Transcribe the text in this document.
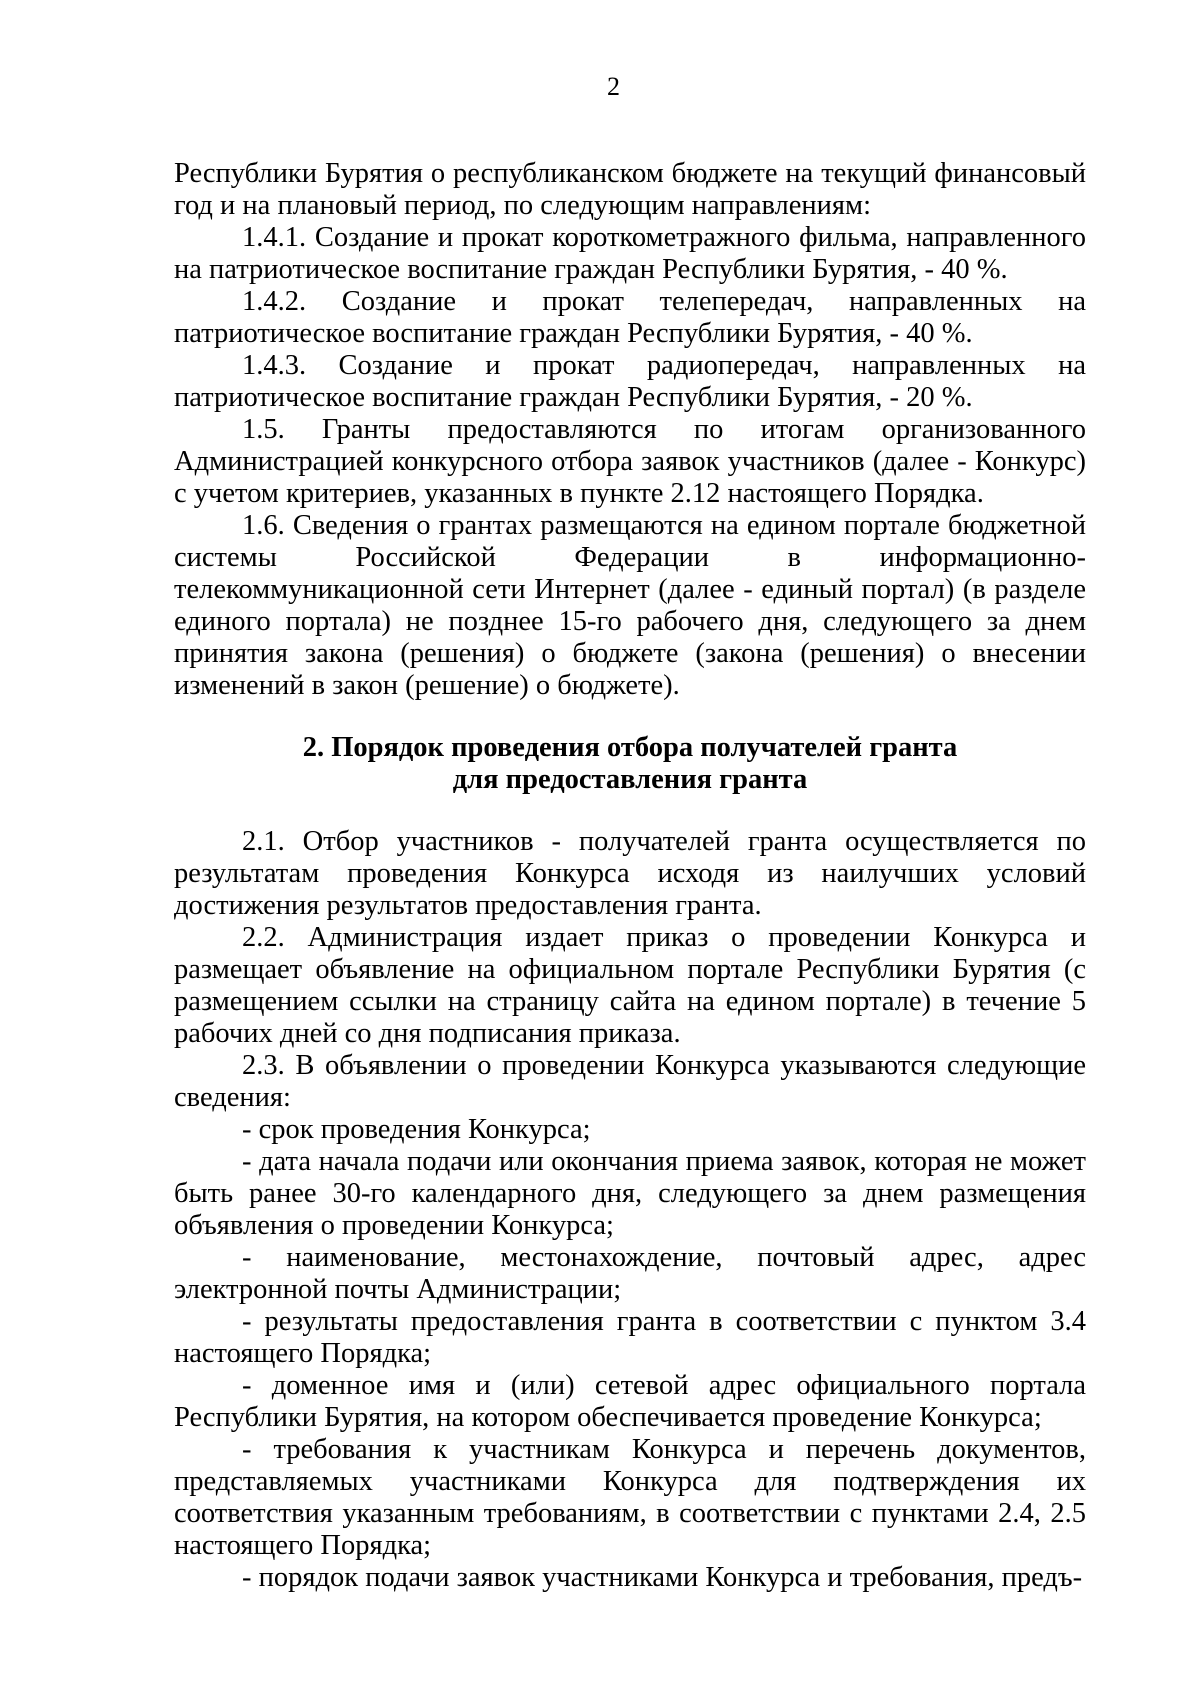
2

Республики Бурятия о республиканском бюджете на текущий финансовый год и на плановый период, по следующим направлениям:

1.4.1. Создание и прокат короткометражного фильма, направленного на патриотическое воспитание граждан Республики Бурятия, - 40 %.

1.4.2. Создание и прокат телепередач, направленных на патриотическое воспитание граждан Республики Бурятия, - 40 %.

1.4.3. Создание и прокат радиопередач, направленных на патриотическое воспитание граждан Республики Бурятия, - 20 %.

1.5. Гранты предоставляются по итогам организованного Администрацией конкурсного отбора заявок участников (далее - Конкурс) с учетом критериев, указанных в пункте 2.12 настоящего Порядка.

1.6. Сведения о грантах размещаются на едином портале бюджетной системы Российской Федерации в информационно-телекоммуникационной сети Интернет (далее - единый портал) (в разделе единого портала) не позднее 15-го рабочего дня, следующего за днем принятия закона (решения) о бюджете (закона (решения) о внесении изменений в закон (решение) о бюджете).

2. Порядок проведения отбора получателей гранта
для предоставления гранта

2.1. Отбор участников - получателей гранта осуществляется по результатам проведения Конкурса исходя из наилучших условий достижения результатов предоставления гранта.

2.2. Администрация издает приказ о проведении Конкурса и размещает объявление на официальном портале Республики Бурятия (с размещением ссылки на страницу сайта на едином портале) в течение 5 рабочих дней со дня подписания приказа.

2.3. В объявлении о проведении Конкурса указываются следующие сведения:

- срок проведения Конкурса;

- дата начала подачи или окончания приема заявок, которая не может быть ранее 30-го календарного дня, следующего за днем размещения объявления о проведении Конкурса;

- наименование, местонахождение, почтовый адрес, адрес электронной почты Администрации;

- результаты предоставления гранта в соответствии с пунктом 3.4 настоящего Порядка;

- доменное имя и (или) сетевой адрес официального портала Республики Бурятия, на котором обеспечивается проведение Конкурса;

- требования к участникам Конкурса и перечень документов, представляемых участниками Конкурса для подтверждения их соответствия указанным требованиям, в соответствии с пунктами 2.4, 2.5 настоящего Порядка;

- порядок подачи заявок участниками Конкурса и требования, предъ-
